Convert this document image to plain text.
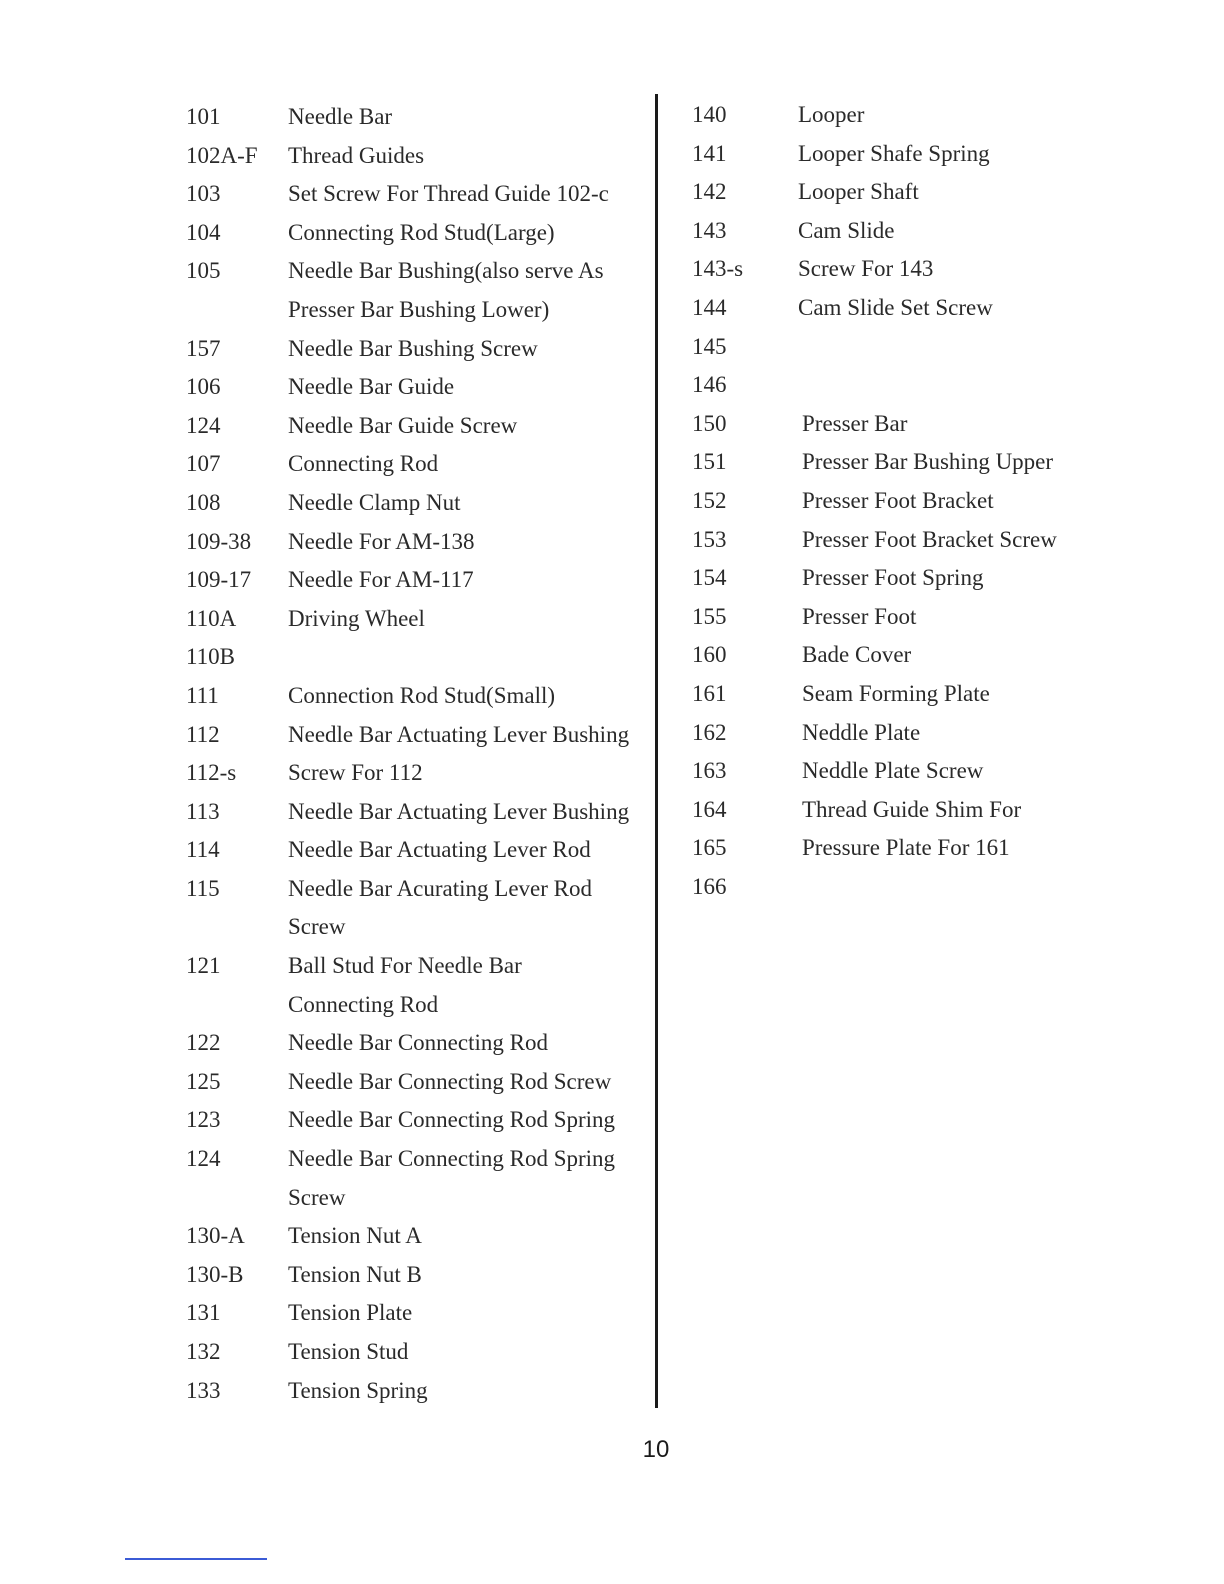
101	Needle Bar
102A-F Thread Guides
103	Set Screw For Thread Guide 102-c
104	Connecting Rod Stud(Large)
105	Needle Bar Bushing(also serve As
Presser Bar Bushing Lower)
157	Needle Bar Bushing Screw
106	Needle Bar Guide
124	Needle Bar Guide Screw
107	Connecting Rod
108	Needle Clamp Nut
109-38 Needle For AM-138
109-17 Needle For AM-117
110A Driving Wheel
110B
111	Connection Rod Stud(Small)
112	Needle Bar Actuating Lever Bushing
112-s Screw For 112
113	Needle Bar Actuating Lever Bushing
114	Needle Bar Actuating Lever Rod
115	Needle Bar Acurating Lever Rod
Screw
121	Ball Stud For Needle Bar
Connecting Rod
122	Needle Bar Connecting Rod
125	Needle Bar Connecting Rod Screw
123	Needle Bar Connecting Rod Spring
124	Needle Bar Connecting Rod Spring
Screw
130-A Tension Nut A
130-B Tension Nut B
131	Tension Plate
132	Tension Stud
133	Tension Spring
140	Looper
141	Looper Shafe Spring
142	Looper Shaft
143	Cam Slide
143-s Screw For 143
144	Cam Slide Set Screw
145
146
150	Presser Bar
151	Presser Bar Bushing Upper
152	Presser Foot Bracket
153	Presser Foot Bracket Screw
154	Presser Foot Spring
155	Presser Foot
160	Bade Cover
161	Seam Forming Plate
162	Neddle Plate
163	Neddle Plate Screw
164	Thread Guide Shim For
165	Pressure Plate For 161
166
10
